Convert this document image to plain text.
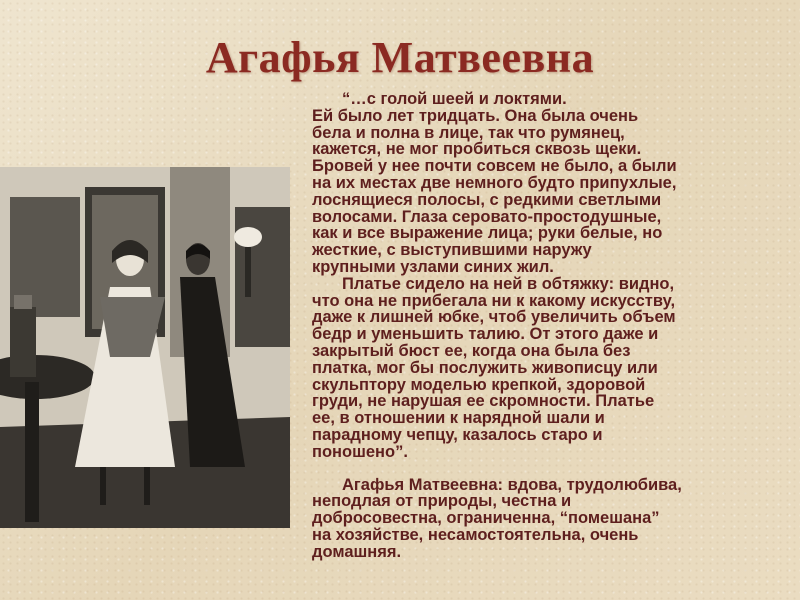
Агафья Матвеевна

“…с голой шеей и локтями.
Ей было лет тридцать. Она была очень
бела и полна в лице, так что румянец,
кажется, не мог пробиться сквозь щеки.
Бровей у нее почти совсем не было, а были
на их местах две немного будто припухлые,
лоснящиеся полосы, с редкими светлыми
волосами. Глаза серовато-простодушные,
как и все выражение лица; руки белые, но
жесткие, с выступившими наружу
крупными узлами синих жил.

Платье сидело на ней в обтяжку: видно,
что она не прибегала ни к какому искусству,
даже к лишней юбке, чтоб увеличить объем
бедр и уменьшить талию. От этого даже и
закрытый бюст ее, когда она была без
платка, мог бы послужить живописцу или
скульптору моделью крепкой, здоровой
груди, не нарушая ее скромности. Платье
ее, в отношении к нарядной шали и
парадному чепцу, казалось старо и
поношено”.

Агафья Матвеевна: вдова, трудолюбива,
неподлая от природы, честна и
добросовестна, ограниченна, “помешана”
на хозяйстве, несамостоятельна, очень
домашняя.
